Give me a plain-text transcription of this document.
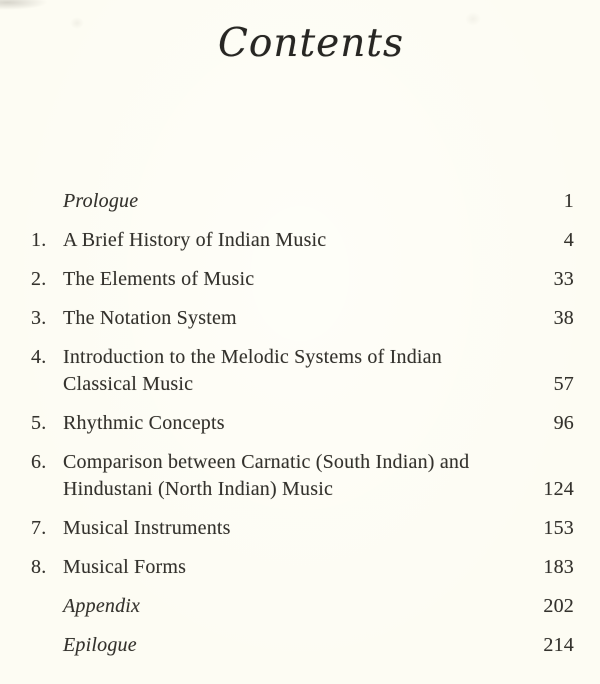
Contents
Prologue	1
1. A Brief History of Indian Music	4
2. The Elements of Music	33
3. The Notation System	38
4. Introduction to the Melodic Systems of Indian
Classical Music	57
5. Rhythmic Concepts	96
6. Comparison between Carnatic (South Indian) and
Hindustani (North Indian) Music	124
7. Musical Instruments	153
8. Musical Forms	183
Appendix	202
Epilogue	214
